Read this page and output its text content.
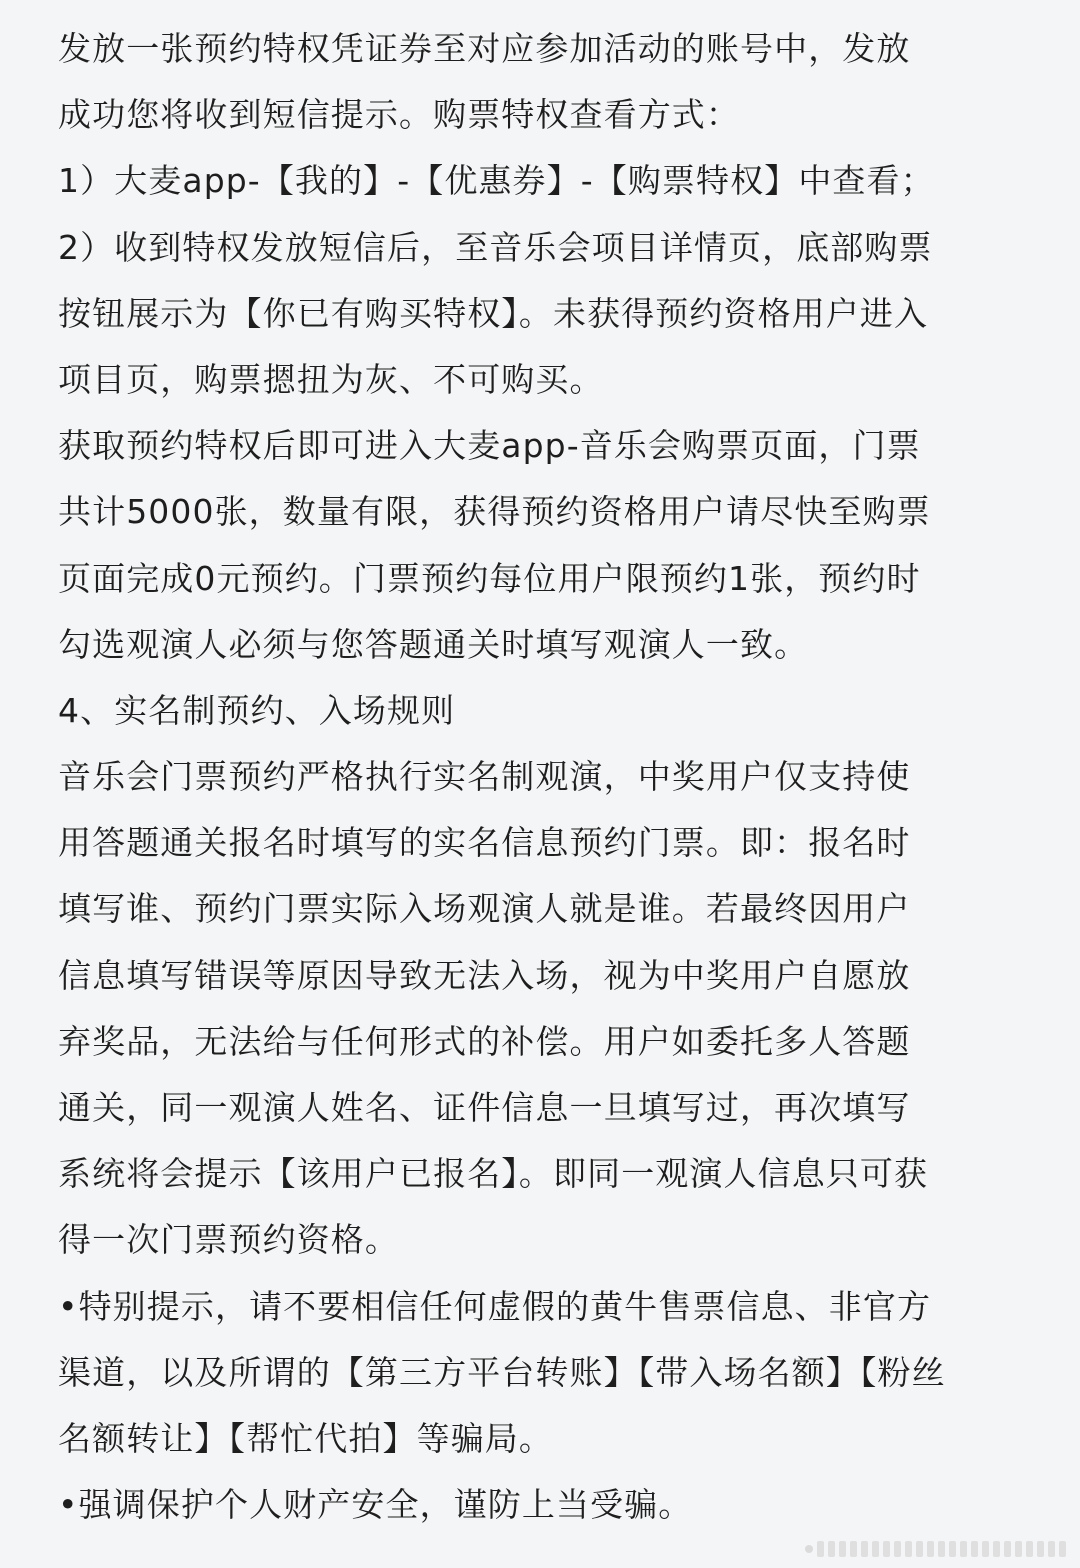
发放一张预约特权凭证券至对应参加活动的账号中，发放
成功您将收到短信提示。购票特权查看方式：

1）大麦app-【我的】-【优惠券】-【购票特权】中查看；

2）收到特权发放短信后，至音乐会项目详情页，底部购票
按钮展示为【你已有购买特权】。未获得预约资格用户进入
项目页，购票摁扭为灰、不可购买。

获取预约特权后即可进入大麦app-音乐会购票页面，门票
共计5000张，数量有限，获得预约资格用户请尽快至购票
页面完成0元预约。门票预约每位用户限预约1张，预约时
勾选观演人必须与您答题通关时填写观演人一致。

4、实名制预约、入场规则

音乐会门票预约严格执行实名制观演，中奖用户仅支持使
用答题通关报名时填写的实名信息预约门票。即：报名时
填写谁、预约门票实际入场观演人就是谁。若最终因用户
信息填写错误等原因导致无法入场，视为中奖用户自愿放
弃奖品，无法给与任何形式的补偿。用户如委托多人答题
通关，同一观演人姓名、证件信息一旦填写过，再次填写
系统将会提示【该用户已报名】。即同一观演人信息只可获
得一次门票预约资格。

•特别提示，请不要相信任何虚假的黄牛售票信息、非官方
渠道，以及所谓的【第三方平台转账】【带入场名额】【粉丝
名额转让】【帮忙代拍】等骗局。

•强调保护个人财产安全，谨防上当受骗。
